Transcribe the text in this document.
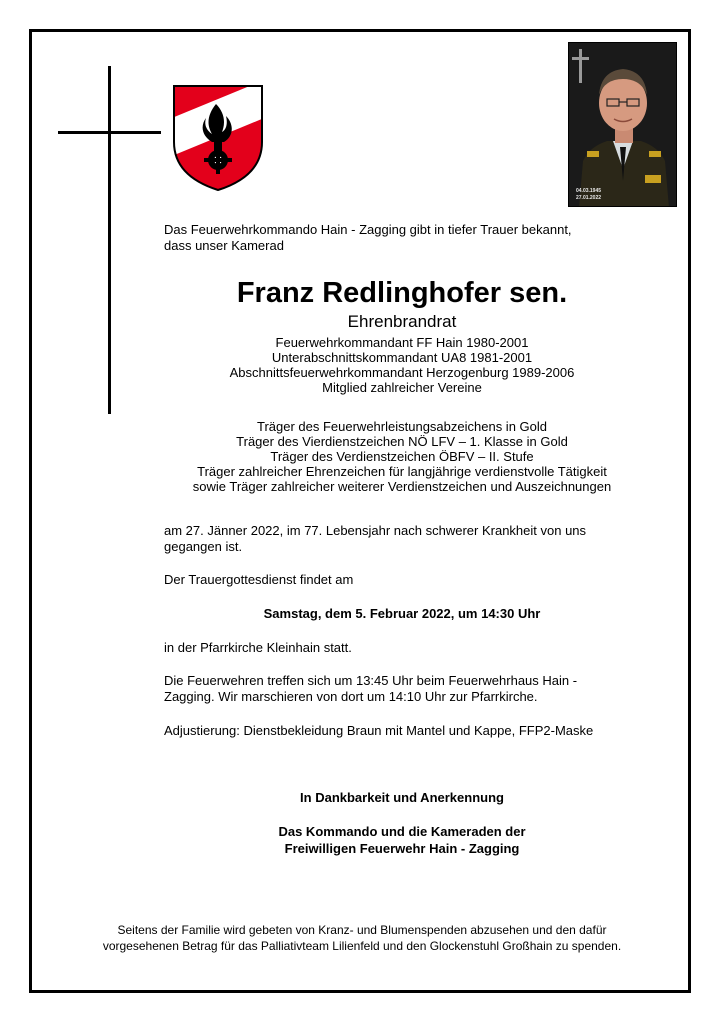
04.03.1945
27.01.2022
Das Feuerwehrkommando Hain - Zagging gibt in tiefer Trauer bekannt,
dass unser Kamerad
Franz Redlinghofer sen.
Ehrenbrandrat
Feuerwehrkommandant FF Hain 1980-2001
Unterabschnittskommandant UA8 1981-2001
Abschnittsfeuerwehrkommandant Herzogenburg 1989-2006
Mitglied zahlreicher Vereine
Träger des Feuerwehrleistungsabzeichens in Gold
Träger des Vierdienstzeichen NÖ LFV – 1. Klasse in Gold
Träger des Verdienstzeichen ÖBFV – II. Stufe
Träger zahlreicher Ehrenzeichen für langjährige verdienstvolle Tätigkeit
sowie Träger zahlreicher weiterer Verdienstzeichen und Auszeichnungen
am 27. Jänner 2022, im 77. Lebensjahr nach schwerer Krankheit von uns
gegangen ist.
Der Trauergottesdienst findet am
Samstag, dem 5. Februar 2022, um 14:30 Uhr
in der Pfarrkirche Kleinhain statt.
Die Feuerwehren treffen sich um 13:45 Uhr beim Feuerwehrhaus Hain -
Zagging. Wir marschieren von dort um 14:10 Uhr zur Pfarrkirche.
Adjustierung: Dienstbekleidung Braun mit Mantel und Kappe, FFP2-Maske
In Dankbarkeit und Anerkennung
Das Kommando und die Kameraden der
Freiwilligen Feuerwehr Hain - Zagging
Seitens der Familie wird gebeten von Kranz- und Blumenspenden abzusehen und den dafür
vorgesehenen Betrag für das Palliativteam Lilienfeld und den Glockenstuhl Großhain zu spenden.
